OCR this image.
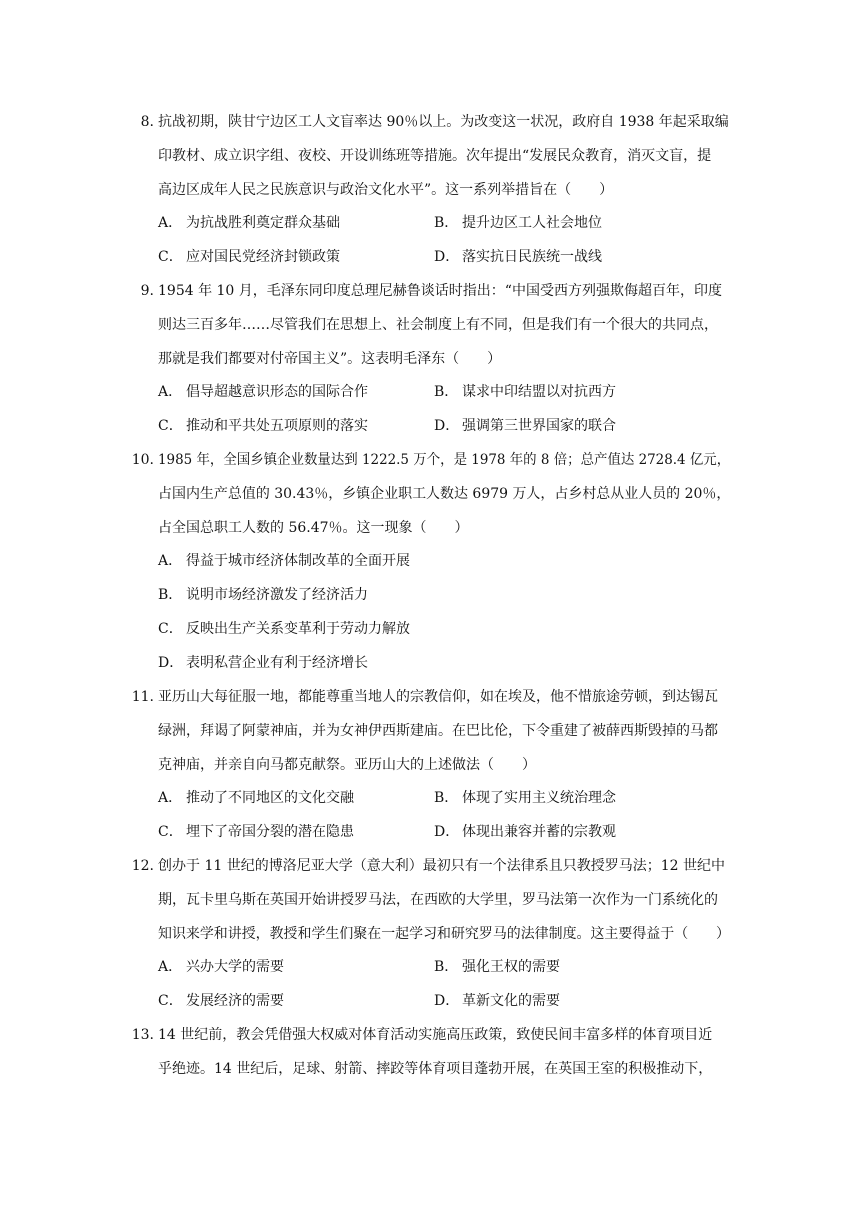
8. 抗战初期，陕甘宁边区工人文盲率达 90％以上。为改变这一状况，政府自 1938 年起采取编
印教材、成立识字组、夜校、开设训练班等措施。次年提出“发展民众教育，消灭文盲，提
高边区成年人民之民族意识与政治文化水平”。这一系列举措旨在（　　）
A． 为抗战胜利奠定群众基础	B． 提升边区工人社会地位
C． 应对国民党经济封锁政策	D． 落实抗日民族统一战线
9. 1954 年 10 月，毛泽东同印度总理尼赫鲁谈话时指出：“中国受西方列强欺侮超百年，印度
则达三百多年……尽管我们在思想上、社会制度上有不同，但是我们有一个很大的共同点，
那就是我们都要对付帝国主义”。这表明毛泽东（　　）
A． 倡导超越意识形态的国际合作	B． 谋求中印结盟以对抗西方
C． 推动和平共处五项原则的落实	D． 强调第三世界国家的联合
10. 1985 年，全国乡镇企业数量达到 1222.5 万个，是 1978 年的 8 倍；总产值达 2728.4 亿元，
占国内生产总值的 30.43％，乡镇企业职工人数达 6979 万人，占乡村总从业人员的 20％，
占全国总职工人数的 56.47％。这一现象（　　）
A． 得益于城市经济体制改革的全面开展
B． 说明市场经济激发了经济活力
C． 反映出生产关系变革利于劳动力解放
D． 表明私营企业有利于经济增长
11. 亚历山大每征服一地，都能尊重当地人的宗教信仰，如在埃及，他不惜旅途劳顿，到达锡瓦
绿洲，拜谒了阿蒙神庙，并为女神伊西斯建庙。在巴比伦，下令重建了被薛西斯毁掉的马都
克神庙，并亲自向马都克献祭。亚历山大的上述做法（　　）
A． 推动了不同地区的文化交融	B． 体现了实用主义统治理念
C． 埋下了帝国分裂的潜在隐患	D． 体现出兼容并蓄的宗教观
12. 创办于 11 世纪的博洛尼亚大学（意大利）最初只有一个法律系且只教授罗马法；12 世纪中
期，瓦卡里乌斯在英国开始讲授罗马法，在西欧的大学里，罗马法第一次作为一门系统化的
知识来学和讲授，教授和学生们聚在一起学习和研究罗马的法律制度。这主要得益于（　　）
A． 兴办大学的需要	B． 强化王权的需要
C． 发展经济的需要	D． 革新文化的需要
13. 14 世纪前，教会凭借强大权威对体育活动实施高压政策，致使民间丰富多样的体育项目近
乎绝迹。14 世纪后，足球、射箭、摔跤等体育项目蓬勃开展，在英国王室的积极推动下，
